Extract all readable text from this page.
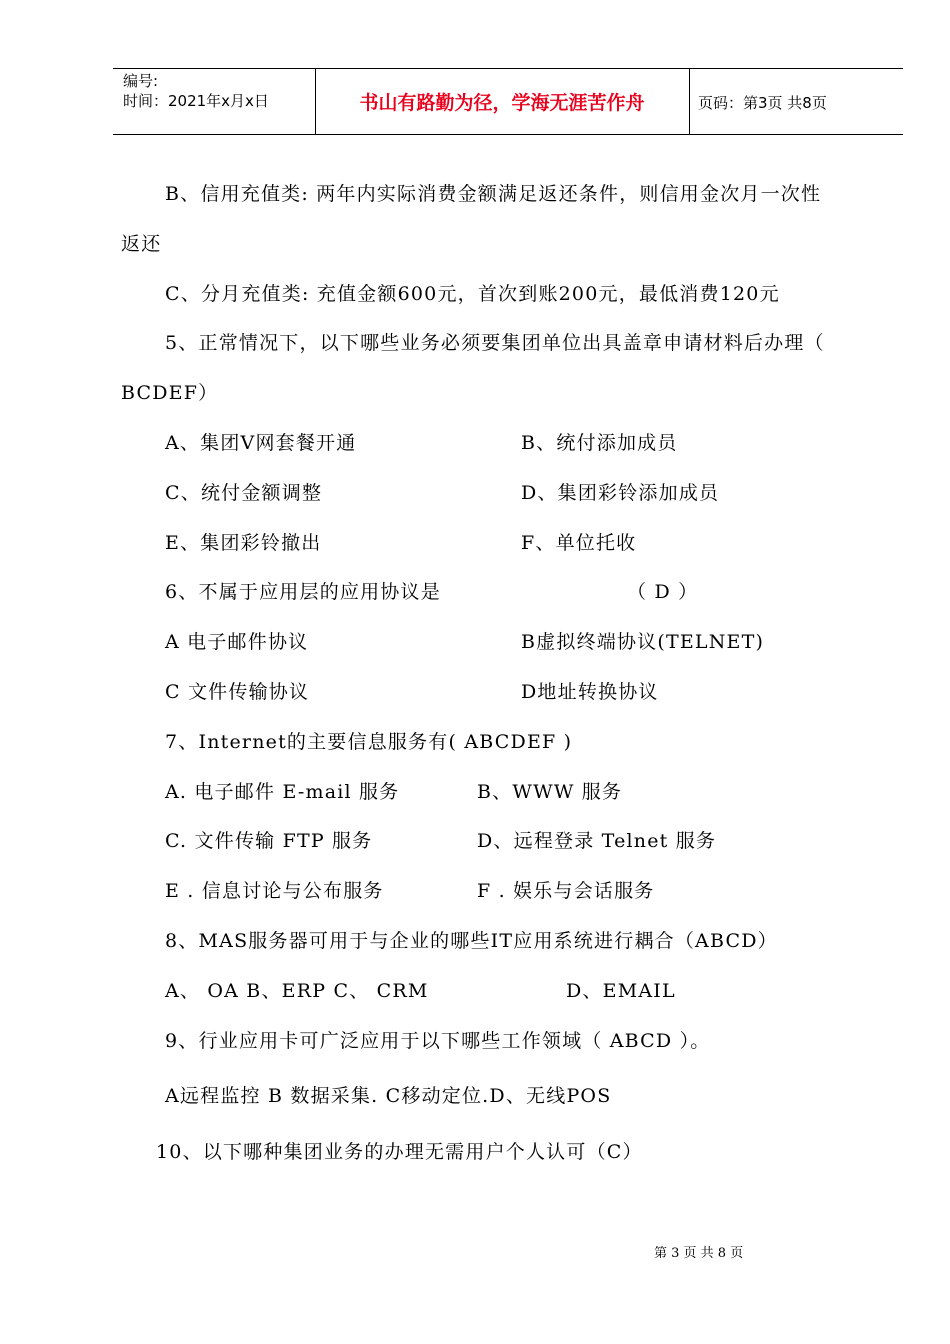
编号:
时间：2021年x月x日	书山有路勤为径，学海无涯苦作舟	页码：第3页 共8页
B、信用充值类: 两年内实际消费金额满足返还条件，则信用金次月一次性
返还
C、分月充值类: 充值金额600元，首次到账200元，最低消费120元
5、正常情况下，以下哪些业务必须要集团单位出具盖章申请材料后办理（
BCDEF）
A、集团V网套餐开通	B、统付添加成员
C、统付金额调整	D、集团彩铃添加成员
E、集团彩铃撤出	F、单位托收
6、不属于应用层的应用协议是	（ D ）
A 电子邮件协议	B虚拟终端协议(TELNET)
C 文件传输协议	D地址转换协议
7、Internet的主要信息服务有( ABCDEF )
A. 电子邮件 E-mail 服务	B、WWW 服务
C. 文件传输 FTP 服务	D、远程登录 Telnet 服务
E . 信息讨论与公布服务	F . 娱乐与会话服务
8、MAS服务器可用于与企业的哪些IT应用系统进行耦合（ABCD）
A、 OA B、ERP C、 CRM	D、EMAIL
9、行业应用卡可广泛应用于以下哪些工作领域（ ABCD ）。
A远程监控 B 数据采集. C移动定位.D、无线POS
10、以下哪种集团业务的办理无需用户个人认可（C）
第 3 页 共 8 页
